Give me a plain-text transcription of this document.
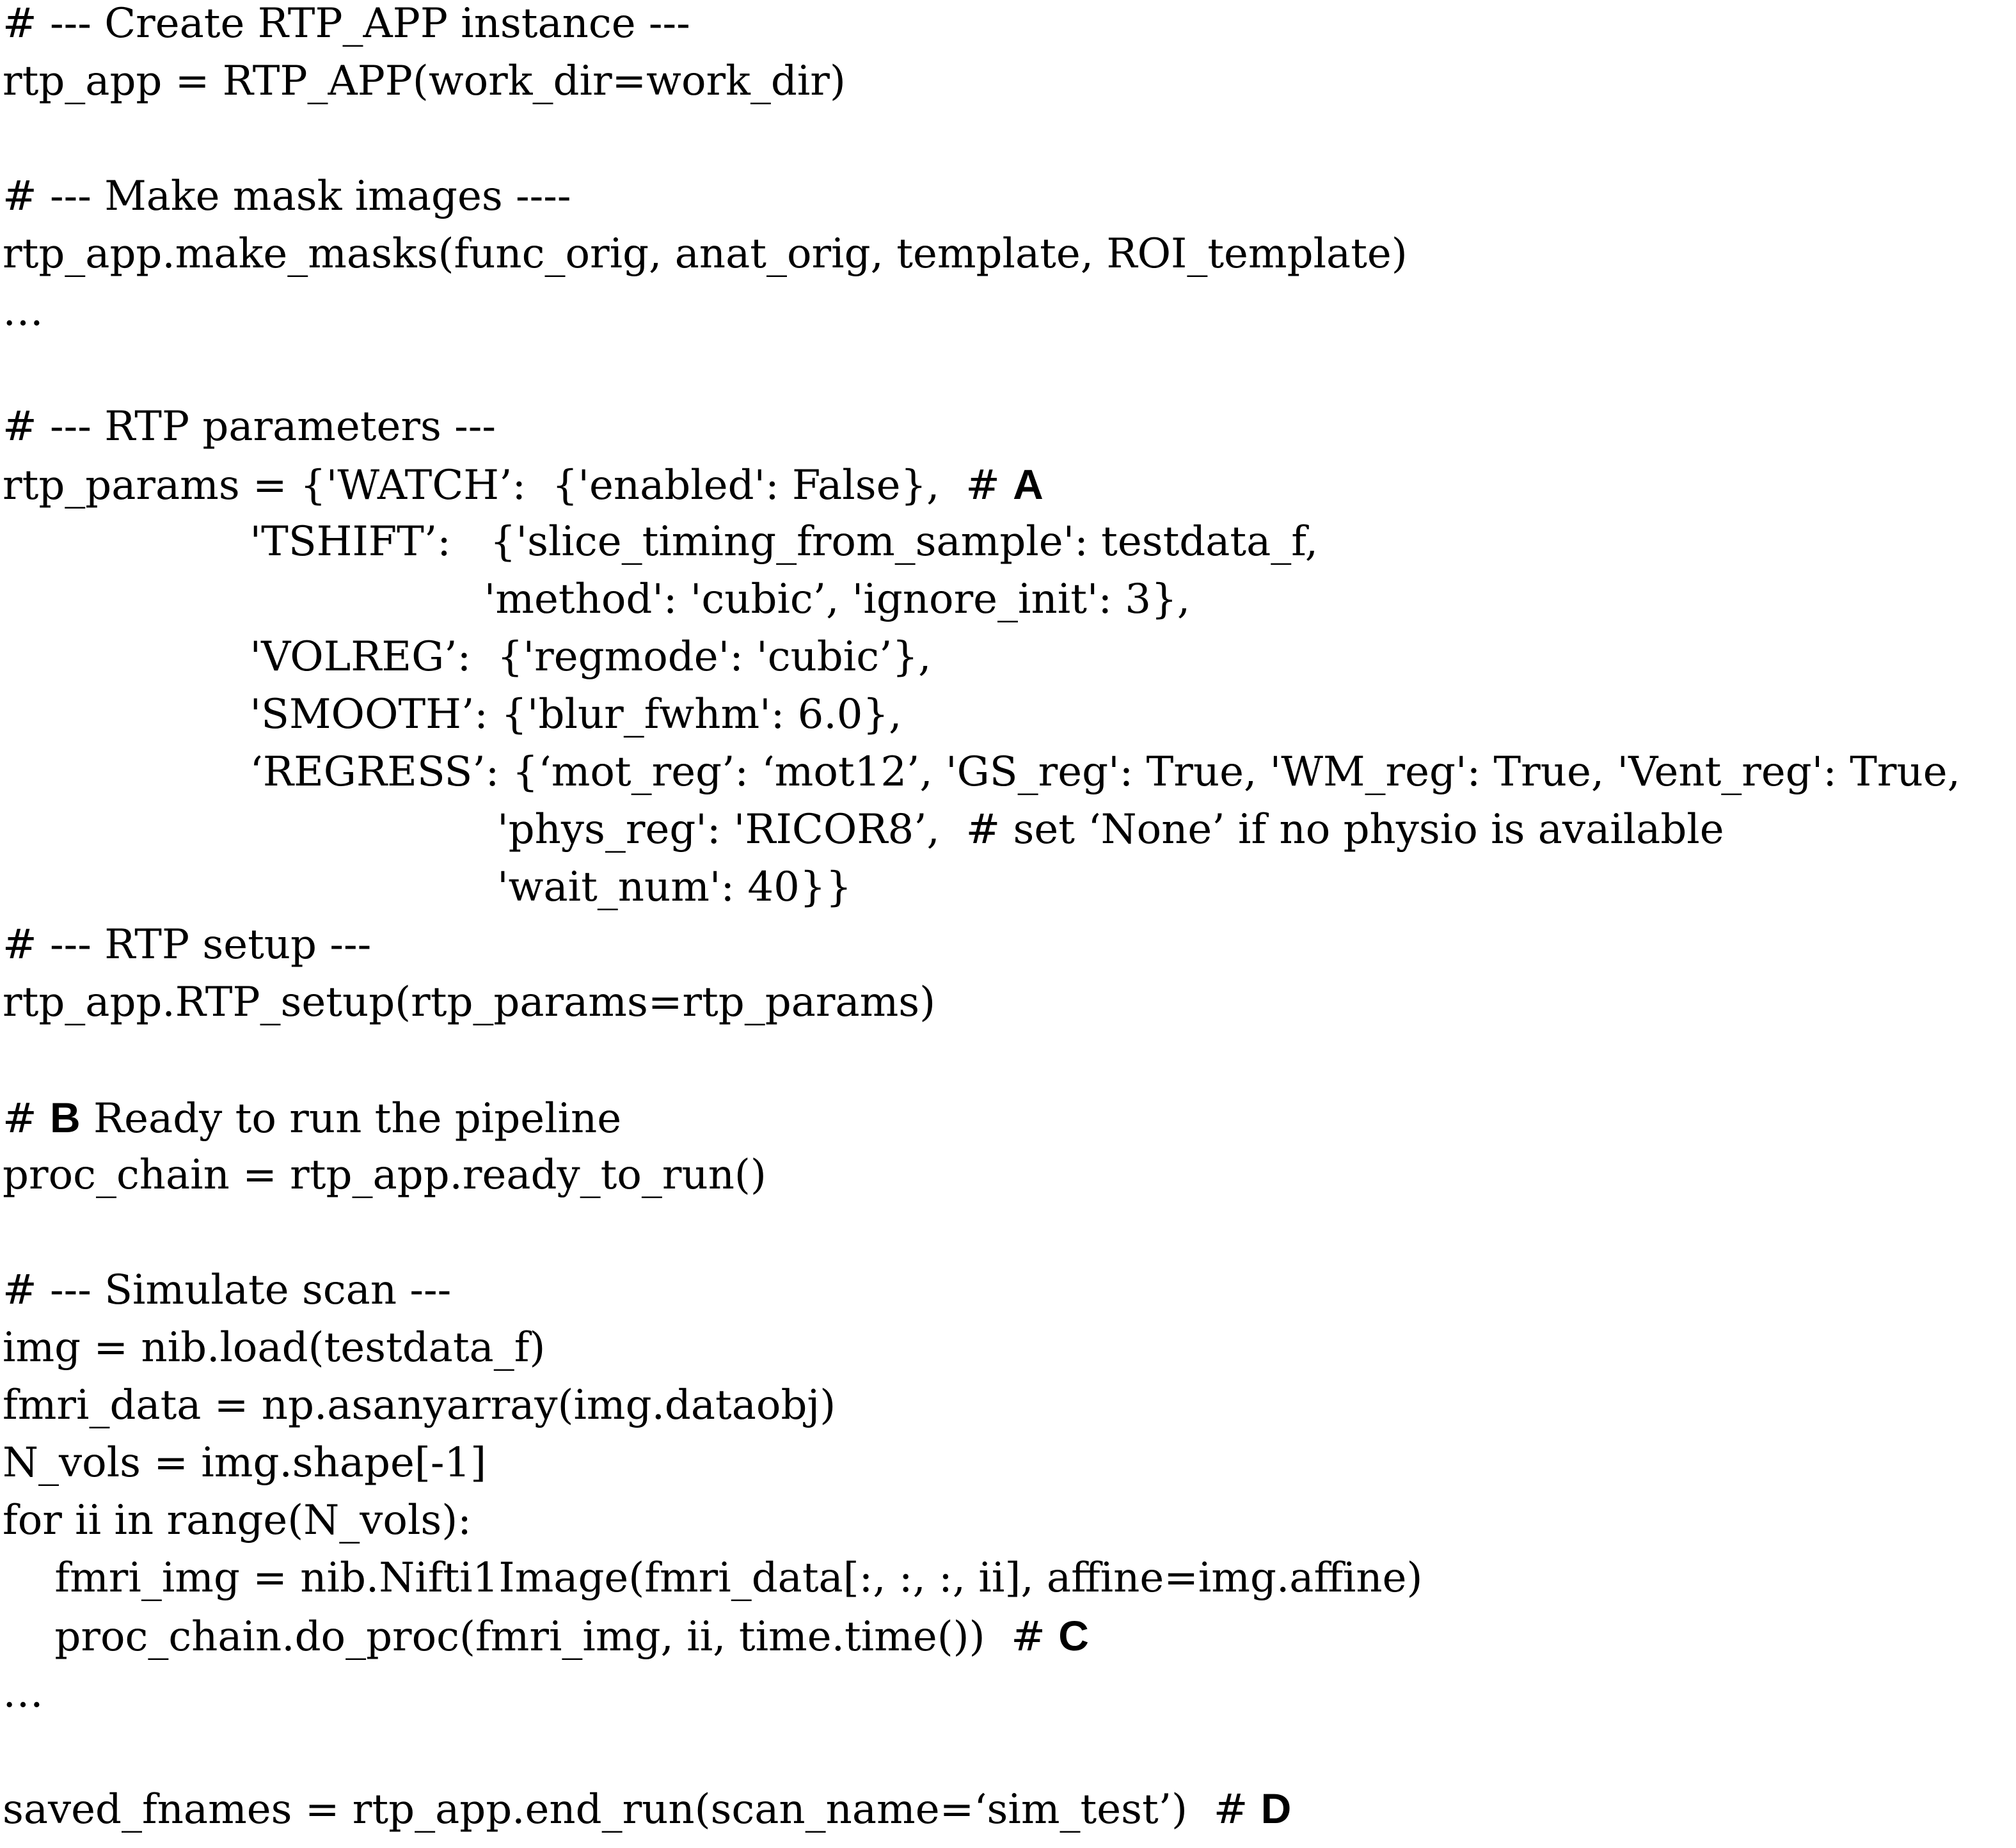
# --- Create RTP_APP instance ---

rtp_app = RTP_APP(work_dir=work_dir)

# --- Make mask images ----

rtp_app.make_masks(func_orig, anat_orig, template, ROI_template)

…

# --- RTP parameters ---

rtp_params = {'WATCH’:  {'enabled': False},  # A

'TSHIFT’:   {'slice_timing_from_sample': testdata_f,

'method': 'cubic’, 'ignore_init': 3},

'VOLREG’:  {'regmode': 'cubic’},

'SMOOTH’: {'blur_fwhm': 6.0},

‘REGRESS’: {‘mot_reg’: ‘mot12’, 'GS_reg': True, 'WM_reg': True, 'Vent_reg': True,

'phys_reg': 'RICOR8’,  # set ‘None’ if no physio is available

'wait_num': 40}}

# --- RTP setup ---

rtp_app.RTP_setup(rtp_params=rtp_params)

# B Ready to run the pipeline

proc_chain = rtp_app.ready_to_run()

# --- Simulate scan ---

img = nib.load(testdata_f)

fmri_data = np.asanyarray(img.dataobj)

N_vols = img.shape[-1]

for ii in range(N_vols):

fmri_img = nib.Nifti1Image(fmri_data[:, :, :, ii], affine=img.affine)

proc_chain.do_proc(fmri_img, ii, time.time())  # C

…

saved_fnames = rtp_app.end_run(scan_name=‘sim_test’)  # D
